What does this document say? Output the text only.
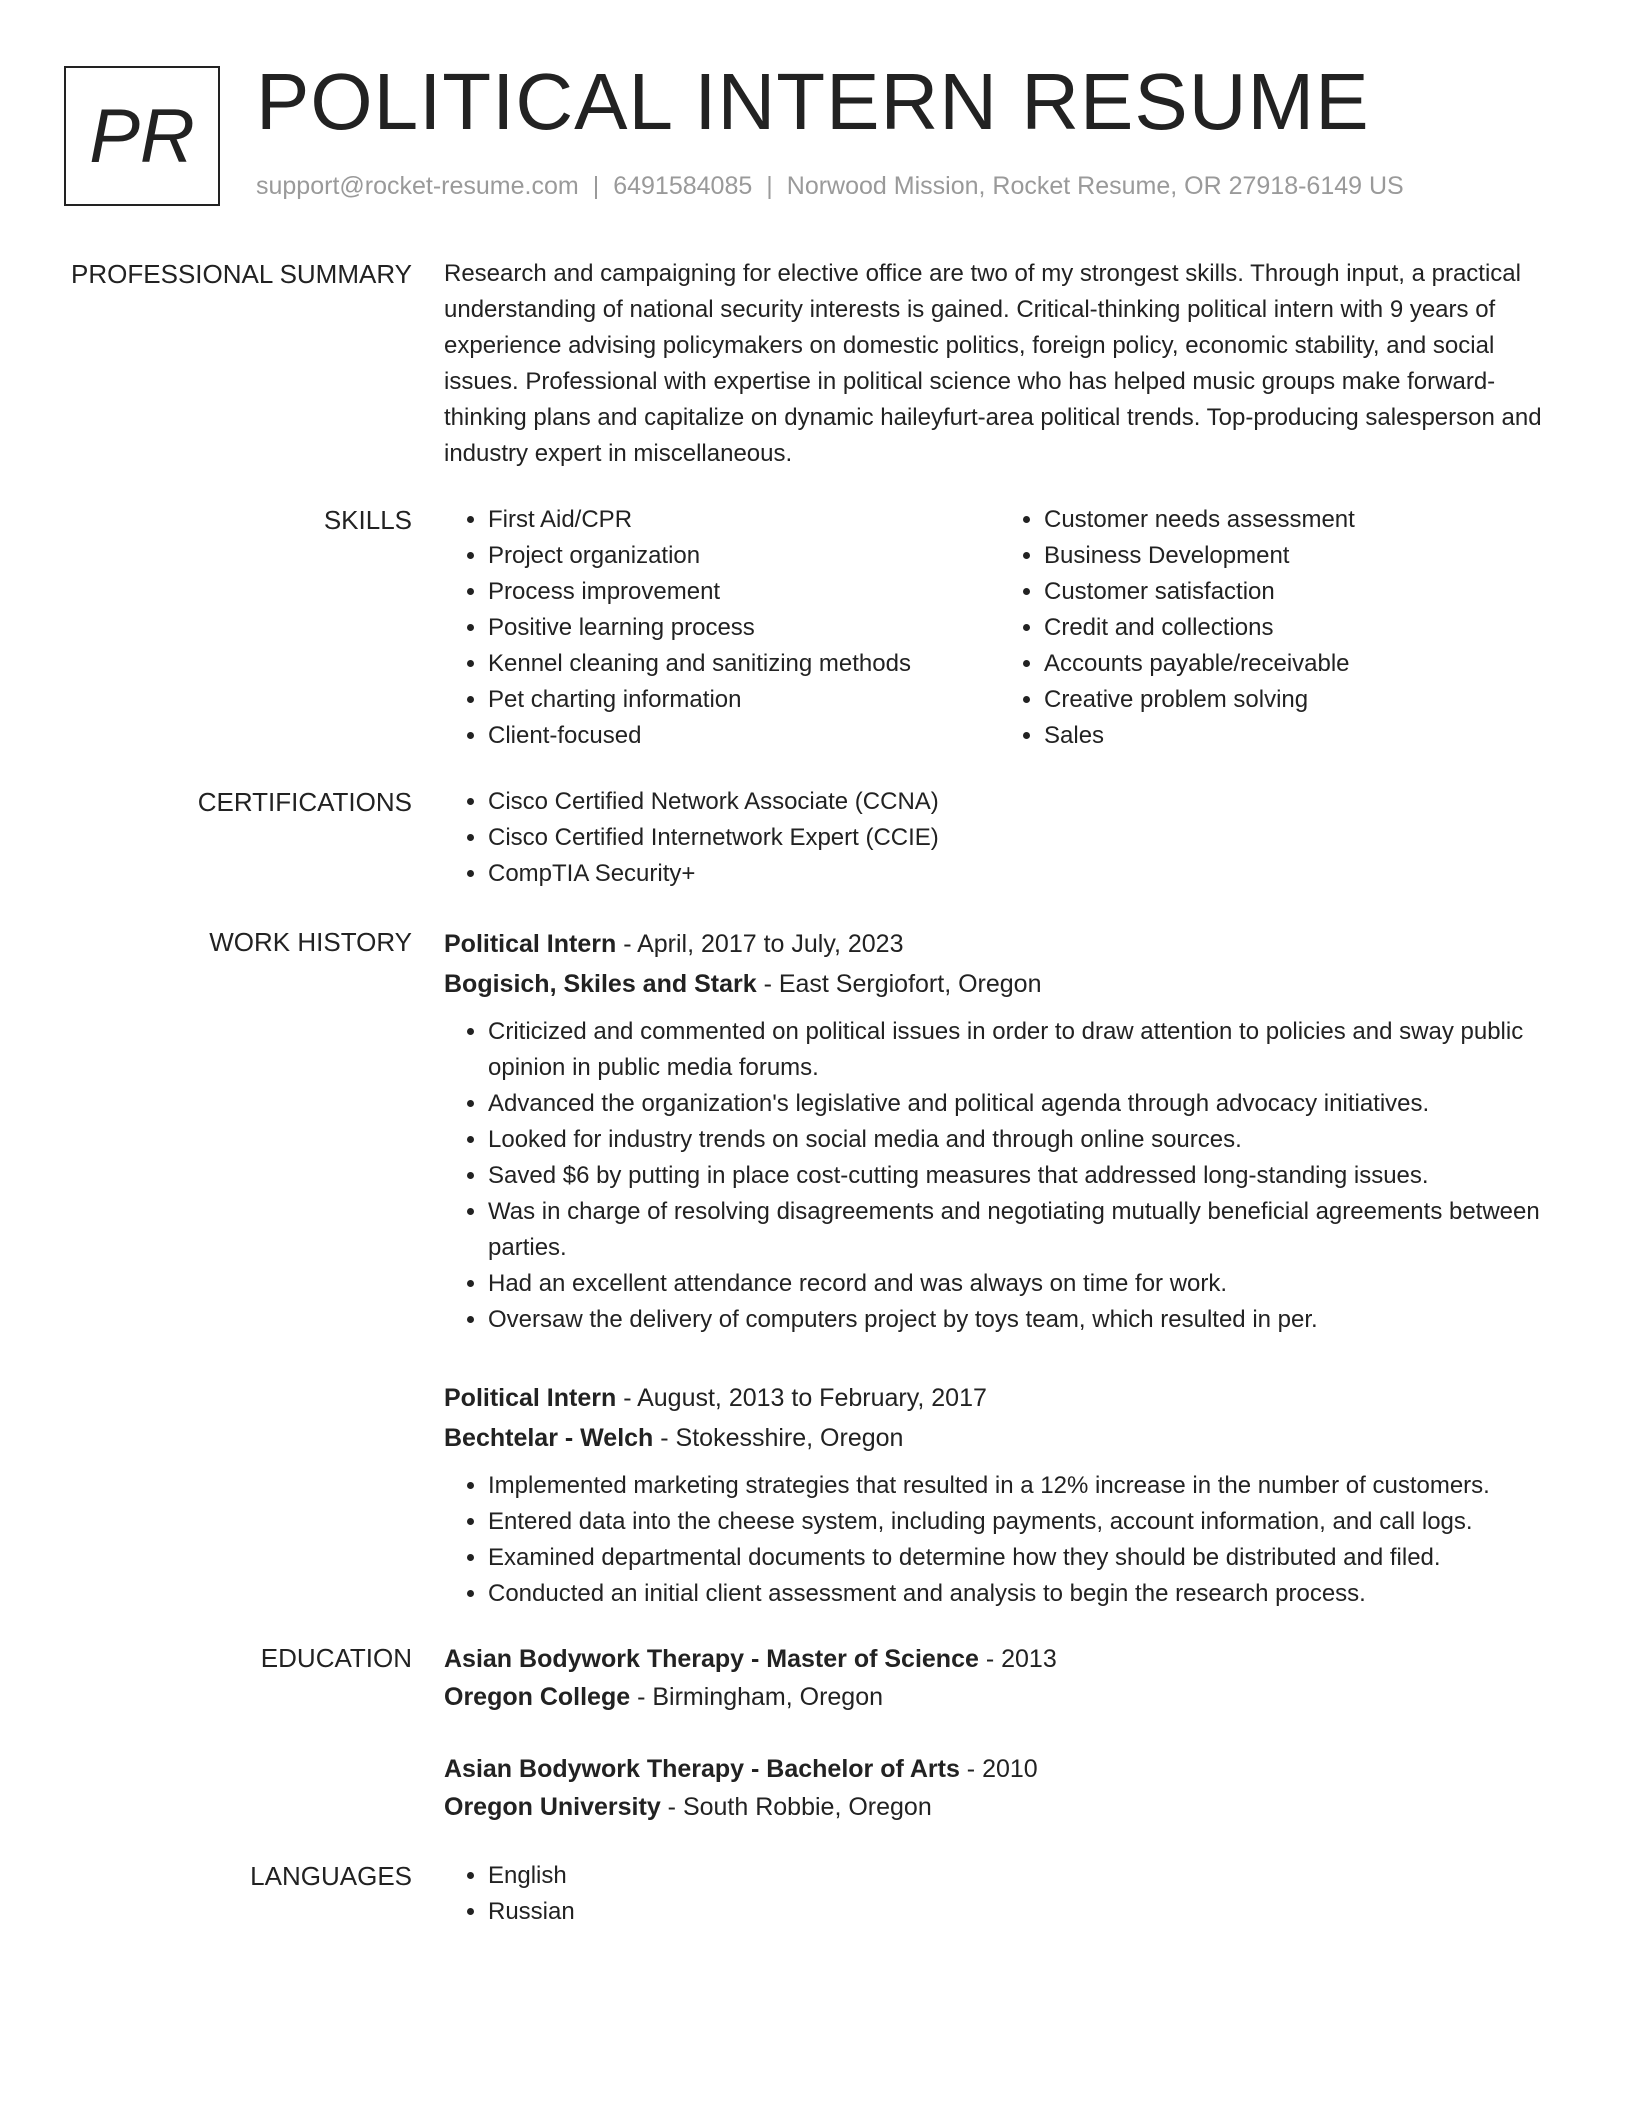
PR POLITICAL INTERN RESUME
support@rocket-resume.com | 6491584085 | Norwood Mission, Rocket Resume, OR 27918-6149 US
PROFESSIONAL SUMMARY Research and campaigning for elective office are two of my strongest skills. Through input, a practical understanding of national security interests is gained. Critical-thinking political intern with 9 years of experience advising policymakers on domestic politics, foreign policy, economic stability, and social issues. Professional with expertise in political science who has helped music groups make forward-thinking plans and capitalize on dynamic haileyfurt-area political trends. Top-producing salesperson and industry expert in miscellaneous.

SKILLS	• First Aid/CPR
• Project organization
• Process improvement
• Positive learning process
• Kennel cleaning and sanitizing methods
• Pet charting information
• Client-focused
• Customer needs assessment
• Business Development
• Customer satisfaction
• Credit and collections
• Accounts payable/receivable
• Creative problem solving
• Sales
CERTIFICATIONS	• Cisco Certified Network Associate (CCNA)
• Cisco Certified Internetwork Expert (CCIE)
• CompTIA Security+
WORK HISTORY Political Intern - April, 2017 to July, 2023
Bogisich, Skiles and Stark - East Sergiofort, Oregon
• Criticized and commented on political issues in order to draw attention to policies and sway public opinion in public media forums.
• Advanced the organization's legislative and political agenda through advocacy initiatives.
• Looked for industry trends on social media and through online sources.
• Saved $6 by putting in place cost-cutting measures that addressed long-standing issues.
• Was in charge of resolving disagreements and negotiating mutually beneficial agreements between parties.
• Had an excellent attendance record and was always on time for work.
• Oversaw the delivery of computers project by toys team, which resulted in per.
Political Intern - August, 2013 to February, 2017
Bechtelar - Welch - Stokesshire, Oregon
• Implemented marketing strategies that resulted in a 12% increase in the number of customers.
• Entered data into the cheese system, including payments, account information, and call logs.
• Examined departmental documents to determine how they should be distributed and filed.
• Conducted an initial client assessment and analysis to begin the research process.
EDUCATION Asian Bodywork Therapy - Master of Science - 2013
Oregon College - Birmingham, Oregon
Asian Bodywork Therapy - Bachelor of Arts - 2010
Oregon University - South Robbie, Oregon
LANGUAGES	• English
• Russian
